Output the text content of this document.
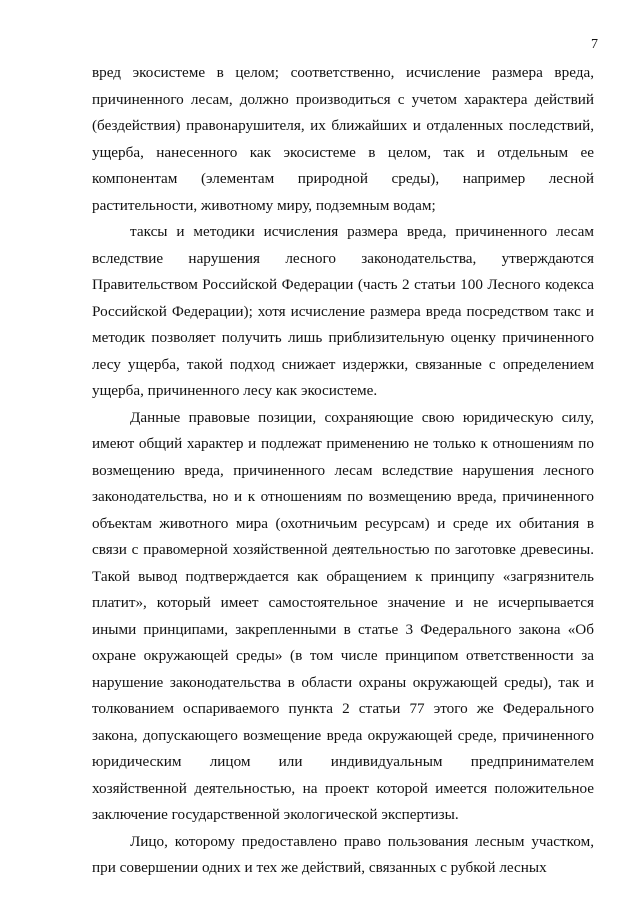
7

вред экосистеме в целом; соответственно, исчисление размера вреда, причиненного лесам, должно производиться с учетом характера действий (бездействия) правонарушителя, их ближайших и отдаленных последствий, ущерба, нанесенного как экосистеме в целом, так и отдельным ее компонентам (элементам природной среды), например лесной растительности, животному миру, подземным водам;

таксы и методики исчисления размера вреда, причиненного лесам вследствие нарушения лесного законодательства, утверждаются Правительством Российской Федерации (часть 2 статьи 100 Лесного кодекса Российской Федерации); хотя исчисление размера вреда посредством такс и методик позволяет получить лишь приблизительную оценку причиненного лесу ущерба, такой подход снижает издержки, связанные с определением ущерба, причиненного лесу как экосистеме.

Данные правовые позиции, сохраняющие свою юридическую силу, имеют общий характер и подлежат применению не только к отношениям по возмещению вреда, причиненного лесам вследствие нарушения лесного законодательства, но и к отношениям по возмещению вреда, причиненного объектам животного мира (охотничьим ресурсам) и среде их обитания в связи с правомерной хозяйственной деятельностью по заготовке древесины. Такой вывод подтверждается как обращением к принципу «загрязнитель платит», который имеет самостоятельное значение и не исчерпывается иными принципами, закрепленными в статье 3 Федерального закона «Об охране окружающей среды» (в том числе принципом ответственности за нарушение законодательства в области охраны окружающей среды), так и толкованием оспариваемого пункта 2 статьи 77 этого же Федерального закона, допускающего возмещение вреда окружающей среде, причиненного юридическим лицом или индивидуальным предпринимателем хозяйственной деятельностью, на проект которой имеется положительное заключение государственной экологической экспертизы.

Лицо, которому предоставлено право пользования лесным участком, при совершении одних и тех же действий, связанных с рубкой лесных
